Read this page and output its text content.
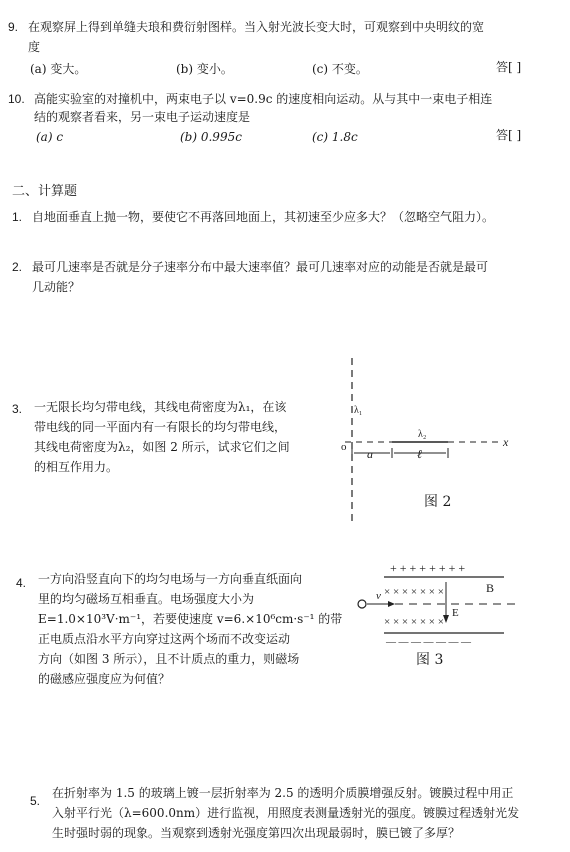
9. 在观察屏上得到单缝夫琅和费衍射图样。当入射光波长变大时，可观察到中央明纹的宽
度
(a) 变大。	(b) 变小。	(c) 不变。	答[ ]
10. 高能实验室的对撞机中，两束电子以 v=0.9c 的速度相向运动。从与其中一束电子相连
结的观察者看来，另一束电子运动速度是
(a) c	(b) 0.995c	(c) 1.8c	答[ ]
二、计算题
1. 自地面垂直上抛一物，要使它不再落回地面上，其初速至少应多大？（忽略空气阻力）。
2. 最可几速率是否就是分子速率分布中最大速率值？最可几速率对应的动能是否就是最可
几动能？
3. 一无限长均匀带电线，其线电荷密度为λ₁，在该
带电线的同一平面内有一有限长的均匀带电线，
其线电荷密度为λ₂，如图 2 所示，试求它们之间
的相互作用力。
λ₁
λ₂
o a	ℓ
x
图 2
4. 一方向沿竖直向下的均匀电场与一方向垂直纸面向
里的均匀磁场互相垂直。电场强度大小为
E=1.0×10³V·m⁻¹，若要使速度 v=6.×10⁶cm·s⁻¹ 的带
正电质点沿水平方向穿过这两个场而不改变运动
方向（如图 3 所示），且不计质点的重力，则磁场
的磁感应强度应为何值？
+ + + + + + + +
× × × × × × ×
× × × × × × ×
B
E
v
— — — — — — —
图 3
5.
在折射率为 1.5 的玻璃上镀一层折射率为 2.5 的透明介质膜增强反射。镀膜过程中用正
入射平行光（λ=600.0nm）进行监视，用照度表测量透射光的强度。镀膜过程透射光发
生时强时弱的现象。当观察到透射光强度第四次出现最弱时，膜已镀了多厚？
